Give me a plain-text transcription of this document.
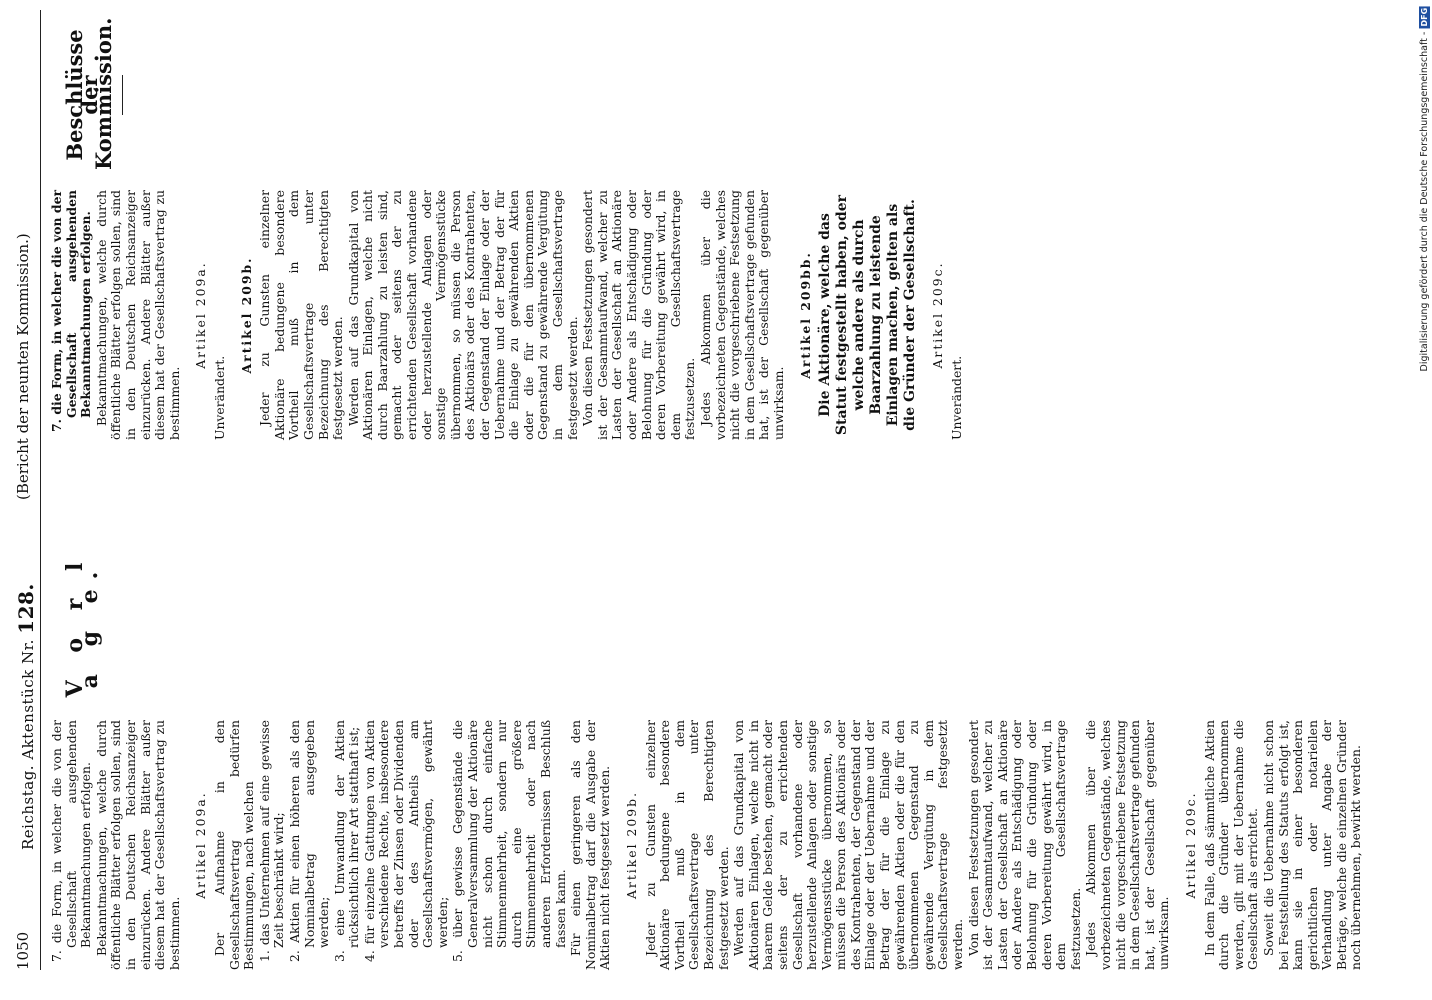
1050
Reichstag. Aktenstück Nr. 128.
(Bericht der neunten Kommission.)

7. die Form, in welcher die von der Gesellschaft ausgehenden Bekanntmachungen erfolgen. Bekanntmachungen, welche durch öffentliche Blätter erfolgen sollen, sind in den Deutschen Reichsanzeiger einzurücken. Andere Blätter außer diesem hat der Gesellschaftsvertrag zu bestimmen.

Artikel 209a. Der Aufnahme in den Gesellschaftsvertrag bedürfen Bestimmungen, nach welchen 1. das Unternehmen auf eine gewisse Zeit beschränkt wird; 2. Aktien für einen höheren als den Nominalbetrag ausgegeben werden; 3. eine Umwandlung der Aktien rücksichtlich ihrer Art statthaft ist; 4. für einzelne Gattungen von Aktien verschiedene Rechte, insbesondere betreffs der Zinsen oder Dividenden oder des Antheils am Gesellschaftsvermögen, gewährt werden; 5. über gewisse Gegenstände die Generalversammlung der Aktionäre nicht schon durch einfache Stimmenmehrheit, sondern nur durch eine größere Stimmenmehrheit oder nach anderen Erfordernissen Beschluß fassen kann. Für einen geringeren als den Nominalbetrag darf die Ausgabe der Aktien nicht festgesetzt werden. Artikel 209b. Jeder zu Gunsten einzelner Aktionäre bedungene besondere Vortheil muß in dem Gesellschaftsvertrage unter Bezeichnung des Berechtigten festgesetzt werden. Werden auf das Grundkapital von Aktionären Einlagen, welche nicht in baarem Gelde bestehen, gemacht oder seitens der zu errichtenden Gesellschaft vorhandene oder herzustellende Anlagen oder sonstige Vermögensstücke übernommen, so müssen die Person des Aktionärs oder des Kontrahenten, der Gegenstand der Einlage oder der Uebernahme und der Betrag der für die Einlage zu gewährenden Aktien oder die für den übernommenen Gegenstand zu gewährende Vergütung in dem Gesellschaftsvertrage festgesetzt werden. Von diesen Festsetzungen gesondert ist der Gesammtaufwand, welcher zu Lasten der Gesellschaft an Aktionäre oder Andere als Entschädigung oder Belohnung für die Gründung oder deren Vorbereitung gewährt wird, in dem Gesellschaftsvertrage festzusetzen. Jedes Abkommen über die vorbezeichneten Gegenstände, welches nicht die vorgeschriebene Festsetzung in dem Gesellschaftsvertrage gefunden hat, ist der Gesellschaft gegenüber unwirksam.

Artikel 209c. In dem Falle, daß sämmtliche Aktien durch die Gründer übernommen werden, gilt mit der Uebernahme die Gesellschaft als errichtet. Soweit die Uebernahme nicht schon bei Feststellung des Statuts erfolgt ist, kann sie in einer besonderen gerichtlichen oder notariellen Verhandlung unter Angabe der Beträge, welche die einzelnen Gründer noch übernehmen, bewirkt werden.

V o r l a g e.

7. die Form, in welcher die von der Gesellschaft ausgehenden Bekanntmachungen erfolgen. Bekanntmachungen, welche durch öffentliche Blätter erfolgen sollen, sind in den Deutschen Reichsanzeiger einzurücken. Andere Blätter außer diesem hat der Gesellschaftsvertrag zu bestimmen.

Artikel 209a.

Unverändert.

Artikel 209b. Jeder zu Gunsten einzelner Aktionäre bedungene besondere Vortheil muß in dem Gesellschaftsvertrage unter Bezeichnung des Berechtigten festgesetzt werden. Werden auf das Grundkapital von Aktionären Einlagen, welche nicht durch Baarzahlung zu leisten sind, gemacht oder seitens der zu errichtenden Gesellschaft vorhandene oder herzustellende Anlagen oder sonstige Vermögensstücke übernommen, so müssen die Person des Aktionärs oder des Kontrahenten, der Gegenstand der Einlage oder der Uebernahme und der Betrag der für die Einlage zu gewährenden Aktien oder die für den übernommenen Gegenstand zu gewährende Vergütung in dem Gesellschaftsvertrage festgesetzt werden. Von diesen Festsetzungen gesondert ist der Gesammtaufwand, welcher zu Lasten der Gesellschaft an Aktionäre oder Andere als Entschädigung oder Belohnung für die Gründung oder deren Vorbereitung gewährt wird, in dem Gesellschaftsvertrage festzusetzen. Jedes Abkommen über die vorbezeichneten Gegenstände, welches nicht die vorgeschriebene Festsetzung in dem Gesellschaftsvertrage gefunden hat, ist der Gesellschaft gegenüber unwirksam.

Artikel 209bb. Die Aktionäre, welche das Statut festgestellt haben, oder welche andere als durch Baarzahlung zu leistende Einlagen machen, gelten als die Gründer der Gesellschaft. Artikel 209c.

Unverändert.

Beschlüsse der Kommission.	Digitalisierung gefördert durch die Deutsche Forschungsgemeinschaft - DFG
